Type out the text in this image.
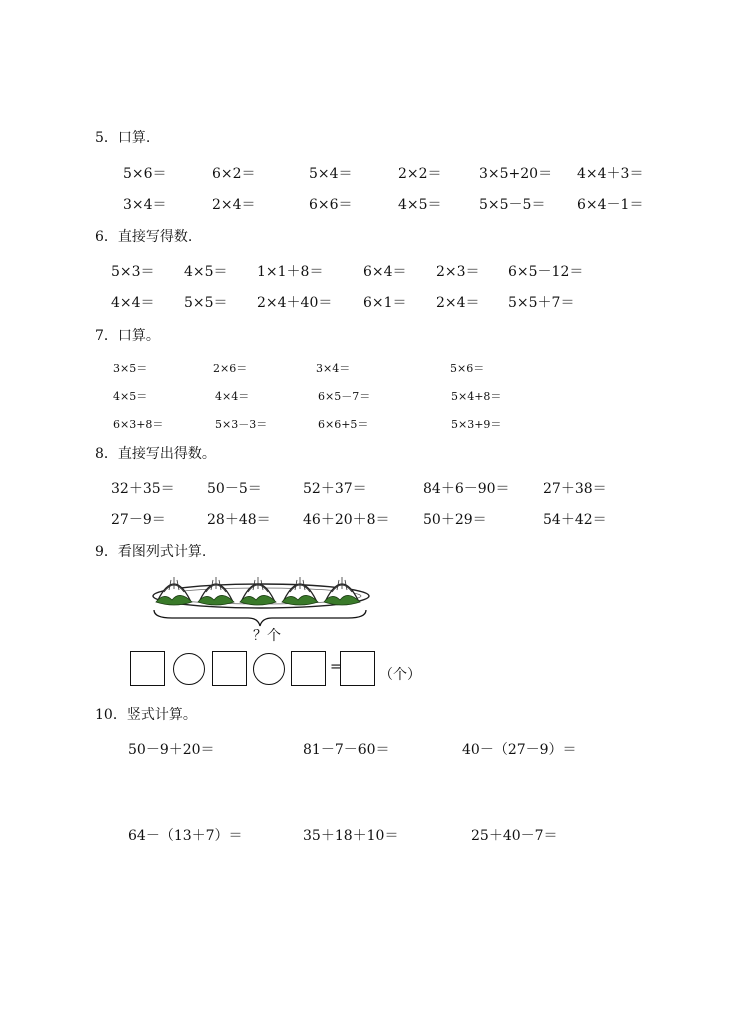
5．口算.
5×6＝	6×2＝	5×4＝	2×2＝	3×5+20＝ 4×4＋3＝
3×4＝	2×4＝	6×6＝	4×5＝	5×5－5＝ 6×4－1＝
6．直接写得数.
5×3＝ 4×5＝ 1×1＋8＝	6×4＝ 2×3＝ 6×5－12＝
4×4＝ 5×5＝ 2×4＋40＝ 6×1＝ 2×4＝ 5×5＋7＝
7．口算。
3×5＝	2×6＝	3×4＝	5×6＝
4×5＝	4×4＝	6×5－7＝	5×4+8＝
6×3+8＝	5×3－3＝	6×6+5＝	5×3+9＝
8．直接写出得数。
32＋35＝ 50－5＝	52＋37＝	84＋6－90＝ 27＋38＝
27－9＝	28＋48＝ 46＋20＋8＝ 50＋29＝	54＋42＝
9．看图列式计算.
？个
=	（个）
10．竖式计算。
50－9＋20＝	81－7－60＝	40－（27－9）＝
64－（13＋7）＝	35＋18＋10＝	25＋40－7＝
